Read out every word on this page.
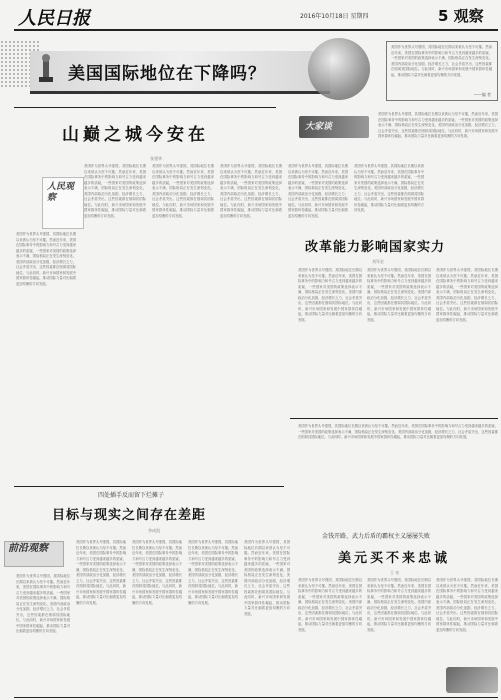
人民日报	2016年10月18日 星期四	5 观察
美国国际地位在下降吗？
美国作为世界头号强国，其国际地位长期以来被认为坚不可摧。然而近年来，美国在国际事务中的影响力和号召力受到越来越多的质疑，一些国家对美国的政策选择表示不满，国际格局正在发生深刻变化。美国内部政治分化加剧，经济增长乏力，社会矛盾突出，这些因素都在削弱其国际地位。与此同时，新兴市场国家和发展中国家群体性崛起，推动国际力量对比朝着更加均衡的方向发展。
——编 者
山巅之城今安在
张建华
人民观察
美国作为世界头号强国，其国际地位长期以来被认为坚不可摧。然而近年来，美国在国际事务中的影响力和号召力受到越来越多的质疑，一些国家对美国的政策选择表示不满，国际格局正在发生深刻变化。美国内部政治分化加剧，经济增长乏力，社会矛盾突出，这些因素都在削弱其国际地位。与此同时，新兴市场国家和发展中国家群体性崛起，推动国际力量对比朝着更加均衡的方向发展。
美国作为世界头号强国，其国际地位长期以来被认为坚不可摧。然而近年来，美国在国际事务中的影响力和号召力受到越来越多的质疑，一些国家对美国的政策选择表示不满，国际格局正在发生深刻变化。美国内部政治分化加剧，经济增长乏力，社会矛盾突出，这些因素都在削弱其国际地位。与此同时，新兴市场国家和发展中国家群体性崛起，推动国际力量对比朝着更加均衡的方向发展。
美国作为世界头号强国，其国际地位长期以来被认为坚不可摧。然而近年来，美国在国际事务中的影响力和号召力受到越来越多的质疑，一些国家对美国的政策选择表示不满，国际格局正在发生深刻变化。美国内部政治分化加剧，经济增长乏力，社会矛盾突出，这些因素都在削弱其国际地位。与此同时，新兴市场国家和发展中国家群体性崛起，推动国际力量对比朝着更加均衡的方向发展。
美国作为世界头号强国，其国际地位长期以来被认为坚不可摧。然而近年来，美国在国际事务中的影响力和号召力受到越来越多的质疑，一些国家对美国的政策选择表示不满，国际格局正在发生深刻变化。美国内部政治分化加剧，经济增长乏力，社会矛盾突出，这些因素都在削弱其国际地位。与此同时，新兴市场国家和发展中国家群体性崛起，推动国际力量对比朝着更加均衡的方向发展。
美国作为世界头号强国，其国际地位长期以来被认为坚不可摧。然而近年来，美国在国际事务中的影响力和号召力受到越来越多的质疑，一些国家对美国的政策选择表示不满，国际格局正在发生深刻变化。美国内部政治分化加剧，经济增长乏力，社会矛盾突出，这些因素都在削弱其国际地位。与此同时，新兴市场国家和发展中国家群体性崛起，推动国际力量对比朝着更加均衡的方向发展。
美国作为世界头号强国，其国际地位长期以来被认为坚不可摧。然而近年来，美国在国际事务中的影响力和号召力受到越来越多的质疑，一些国家对美国的政策选择表示不满，国际格局正在发生深刻变化。美国内部政治分化加剧，经济增长乏力，社会矛盾突出，这些因素都在削弱其国际地位。与此同时，新兴市场国家和发展中国家群体性崛起，推动国际力量对比朝着更加均衡的方向发展。
大家谈
美国作为世界头号强国，其国际地位长期以来被认为坚不可摧。然而近年来，美国在国际事务中的影响力和号召力受到越来越多的质疑，一些国家对美国的政策选择表示不满，国际格局正在发生深刻变化。美国内部政治分化加剧，经济增长乏力，社会矛盾突出，这些因素都在削弱其国际地位。与此同时，新兴市场国家和发展中国家群体性崛起，推动国际力量对比朝着更加均衡的方向发展。
改革能力影响国家实力
刘军宏
美国作为世界头号强国，其国际地位长期以来被认为坚不可摧。然而近年来，美国在国际事务中的影响力和号召力受到越来越多的质疑，一些国家对美国的政策选择表示不满，国际格局正在发生深刻变化。美国内部政治分化加剧，经济增长乏力，社会矛盾突出，这些因素都在削弱其国际地位。与此同时，新兴市场国家和发展中国家群体性崛起，推动国际力量对比朝着更加均衡的方向发展。
美国作为世界头号强国，其国际地位长期以来被认为坚不可摧。然而近年来，美国在国际事务中的影响力和号召力受到越来越多的质疑，一些国家对美国的政策选择表示不满，国际格局正在发生深刻变化。美国内部政治分化加剧，经济增长乏力，社会矛盾突出，这些因素都在削弱其国际地位。与此同时，新兴市场国家和发展中国家群体性崛起，推动国际力量对比朝着更加均衡的方向发展。
美国作为世界头号强国，其国际地位长期以来被认为坚不可摧。然而近年来，美国在国际事务中的影响力和号召力受到越来越多的质疑，一些国家对美国的政策选择表示不满，国际格局正在发生深刻变化。美国内部政治分化加剧，经济增长乏力，社会矛盾突出，这些因素都在削弱其国际地位。与此同时，新兴市场国家和发展中国家群体性崛起，推动国际力量对比朝着更加均衡的方向发展。
美国作为世界头号强国，其国际地位长期以来被认为坚不可摧。然而近年来，美国在国际事务中的影响力和号召力受到越来越多的质疑，一些国家对美国的政策选择表示不满，国际格局正在发生深刻变化。美国内部政治分化加剧，经济增长乏力，社会矛盾突出，这些因素都在削弱其国际地位。与此同时，新兴市场国家和发展中国家群体性崛起，推动国际力量对比朝着更加均衡的方向发展。
四处插手反而留下烂摊子
目标与现实之间存在差距
李成凯
前沿观察
美国作为世界头号强国，其国际地位长期以来被认为坚不可摧。然而近年来，美国在国际事务中的影响力和号召力受到越来越多的质疑，一些国家对美国的政策选择表示不满，国际格局正在发生深刻变化。美国内部政治分化加剧，经济增长乏力，社会矛盾突出，这些因素都在削弱其国际地位。与此同时，新兴市场国家和发展中国家群体性崛起，推动国际力量对比朝着更加均衡的方向发展。
美国作为世界头号强国，其国际地位长期以来被认为坚不可摧。然而近年来，美国在国际事务中的影响力和号召力受到越来越多的质疑，一些国家对美国的政策选择表示不满，国际格局正在发生深刻变化。美国内部政治分化加剧，经济增长乏力，社会矛盾突出，这些因素都在削弱其国际地位。与此同时，新兴市场国家和发展中国家群体性崛起，推动国际力量对比朝着更加均衡的方向发展。
美国作为世界头号强国，其国际地位长期以来被认为坚不可摧。然而近年来，美国在国际事务中的影响力和号召力受到越来越多的质疑，一些国家对美国的政策选择表示不满，国际格局正在发生深刻变化。美国内部政治分化加剧，经济增长乏力，社会矛盾突出，这些因素都在削弱其国际地位。与此同时，新兴市场国家和发展中国家群体性崛起，推动国际力量对比朝着更加均衡的方向发展。
美国作为世界头号强国，其国际地位长期以来被认为坚不可摧。然而近年来，美国在国际事务中的影响力和号召力受到越来越多的质疑，一些国家对美国的政策选择表示不满，国际格局正在发生深刻变化。美国内部政治分化加剧，经济增长乏力，社会矛盾突出，这些因素都在削弱其国际地位。与此同时，新兴市场国家和发展中国家群体性崛起，推动国际力量对比朝着更加均衡的方向发展。
美国作为世界头号强国，其国际地位长期以来被认为坚不可摧。然而近年来，美国在国际事务中的影响力和号召力受到越来越多的质疑，一些国家对美国的政策选择表示不满，国际格局正在发生深刻变化。美国内部政治分化加剧，经济增长乏力，社会矛盾突出，这些因素都在削弱其国际地位。与此同时，新兴市场国家和发展中国家群体性崛起，推动国际力量对比朝着更加均衡的方向发展。
金钱开路、武力后盾的霸权主义屡屡失败
美元买不来忠诚
王 亮
美国作为世界头号强国，其国际地位长期以来被认为坚不可摧。然而近年来，美国在国际事务中的影响力和号召力受到越来越多的质疑，一些国家对美国的政策选择表示不满，国际格局正在发生深刻变化。美国内部政治分化加剧，经济增长乏力，社会矛盾突出，这些因素都在削弱其国际地位。与此同时，新兴市场国家和发展中国家群体性崛起，推动国际力量对比朝着更加均衡的方向发展。
美国作为世界头号强国，其国际地位长期以来被认为坚不可摧。然而近年来，美国在国际事务中的影响力和号召力受到越来越多的质疑，一些国家对美国的政策选择表示不满，国际格局正在发生深刻变化。美国内部政治分化加剧，经济增长乏力，社会矛盾突出，这些因素都在削弱其国际地位。与此同时，新兴市场国家和发展中国家群体性崛起，推动国际力量对比朝着更加均衡的方向发展。
美国作为世界头号强国，其国际地位长期以来被认为坚不可摧。然而近年来，美国在国际事务中的影响力和号召力受到越来越多的质疑，一些国家对美国的政策选择表示不满，国际格局正在发生深刻变化。美国内部政治分化加剧，经济增长乏力，社会矛盾突出，这些因素都在削弱其国际地位。与此同时，新兴市场国家和发展中国家群体性崛起，推动国际力量对比朝着更加均衡的方向发展。
